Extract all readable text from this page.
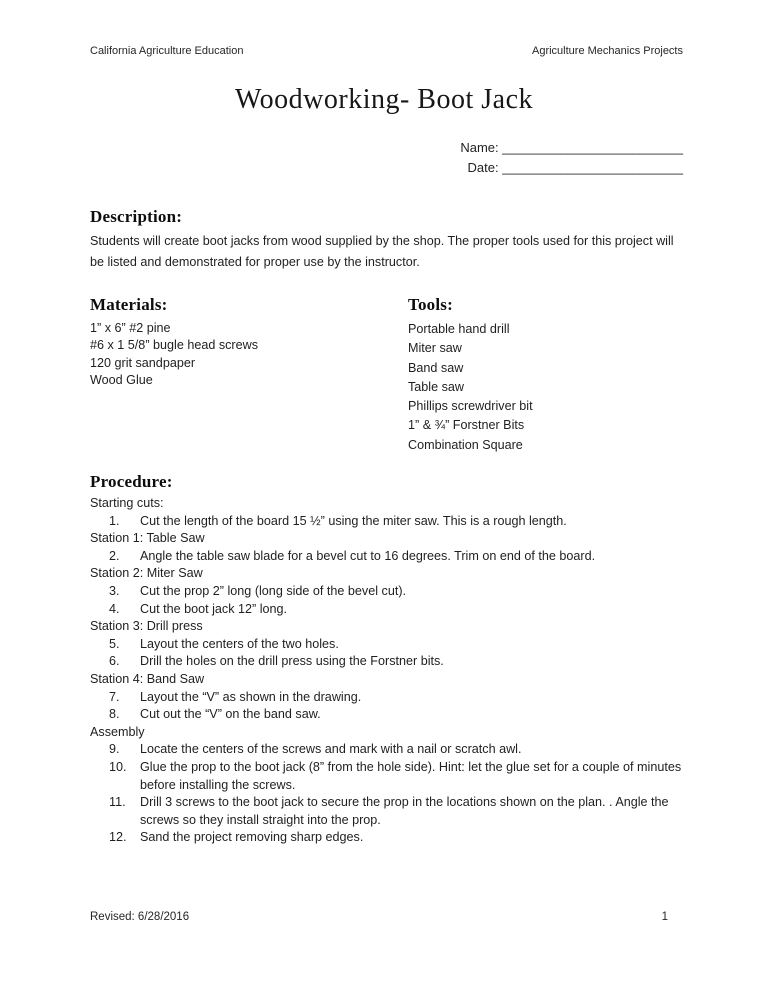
California Agriculture Education	Agriculture Mechanics Projects
Woodworking- Boot Jack
Name: _________________________
Date: _________________________
Description:
Students will create boot jacks from wood supplied by the shop. The proper tools used for this project will be listed and demonstrated for proper use by the instructor.
Materials:
1” x 6” #2 pine
#6 x 1 5/8” bugle head screws
120 grit sandpaper
Wood Glue
Tools:
Portable hand drill
Miter saw
Band saw
Table saw
Phillips screwdriver bit
1” & ¾” Forstner Bits
Combination Square
Procedure:
Starting cuts:
1.	Cut the length of the board 15 ½” using the miter saw. This is a rough length.
Station 1: Table Saw
2.	Angle the table saw blade for a bevel cut to 16 degrees. Trim on end of the board.
Station 2: Miter Saw
3.	Cut the prop 2” long (long side of the bevel cut).
4.	Cut the boot jack 12” long.
Station 3: Drill press
5.	Layout the centers of the two holes.
6.	Drill the holes on the drill press using the Forstner bits.
Station 4: Band Saw
7.	Layout the “V” as shown in the drawing.
8.	Cut out the “V” on the band saw.
Assembly
9.	Locate the centers of the screws and mark with a nail or scratch awl.
10.	Glue the prop to the boot jack (8” from the hole side). Hint: let the glue set for a couple of minutes before installing the screws.
11.	Drill 3 screws to the boot jack to secure the prop in the locations shown on the plan. . Angle the screws so they install straight into the prop.
12.	Sand the project removing sharp edges.
Revised: 6/28/2016	1
